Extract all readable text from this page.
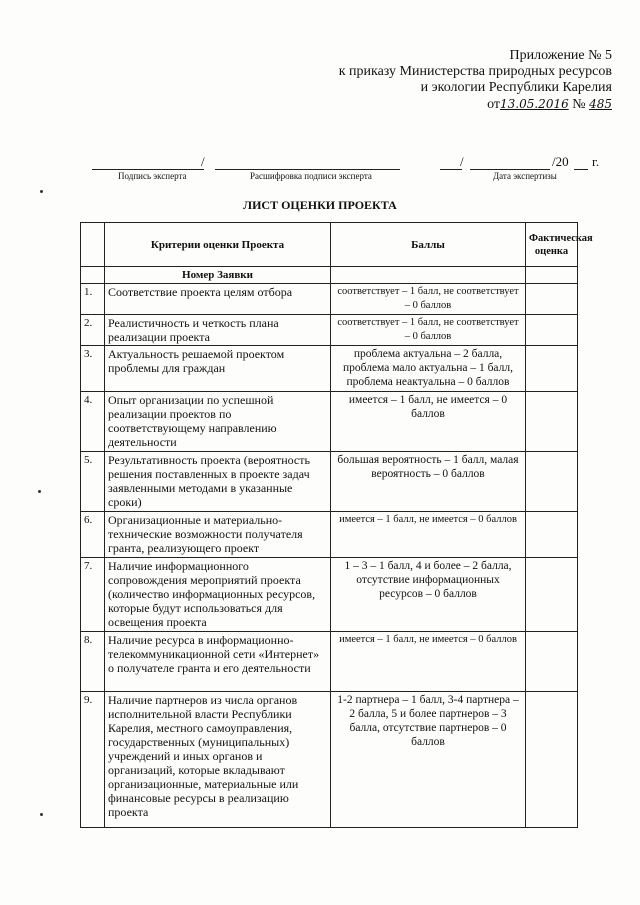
Приложение № 5
к приказу Министерства природных ресурсов
и экологии Республики Карелия
от13.05.2016 № 485
/	/	/20 г.
Подпись эксперта	Расшифровка подписи эксперта	Дата экспертизы
ЛИСТ ОЦЕНКИ ПРОЕКТА
	Критерии оценки Проекта	Баллы	Фактическая оценка
	Номер Заявки		
1.	Соответствие проекта целям отбора	соответствует – 1 балл, не соответствует – 0 баллов	
2.	Реалистичность и четкость плана реализации проекта	соответствует – 1 балл, не соответствует – 0 баллов	
3.	Актуальность решаемой проектом проблемы для граждан	проблема актуальна – 2 балла, проблема мало актуальна – 1 балл, проблема неактуальна – 0 баллов	
4.	Опыт организации по успешной реализации проектов по соответствующему направлению деятельности	имеется – 1 балл, не имеется – 0 баллов	
5.	Результативность проекта (вероятность решения поставленных в проекте задач заявленными методами в указанные сроки)	большая вероятность – 1 балл, малая вероятность – 0 баллов	
6.	Организационные и материально-технические возможности получателя гранта, реализующего проект	имеется – 1 балл, не имеется – 0 баллов	
7.	Наличие информационного сопровождения мероприятий проекта (количество информационных ресурсов, которые будут использоваться для освещения проекта	1 – 3 – 1 балл, 4 и более – 2 балла, отсутствие информационных ресурсов – 0 баллов	
8.	Наличие ресурса в информационно-телекоммуникационной сети «Интернет» о получателе гранта и его деятельности	имеется – 1 балл, не имеется – 0 баллов	
9.	Наличие партнеров из числа органов исполнительной власти Республики Карелия, местного самоуправления, государственных (муниципальных) учреждений и иных органов и организаций, которые вкладывают организационные, материальные или финансовые ресурсы в реализацию проекта	1-2 партнера – 1 балл, 3-4 партнера – 2 балла, 5 и более партнеров – 3 балла, отсутствие партнеров – 0 баллов	
